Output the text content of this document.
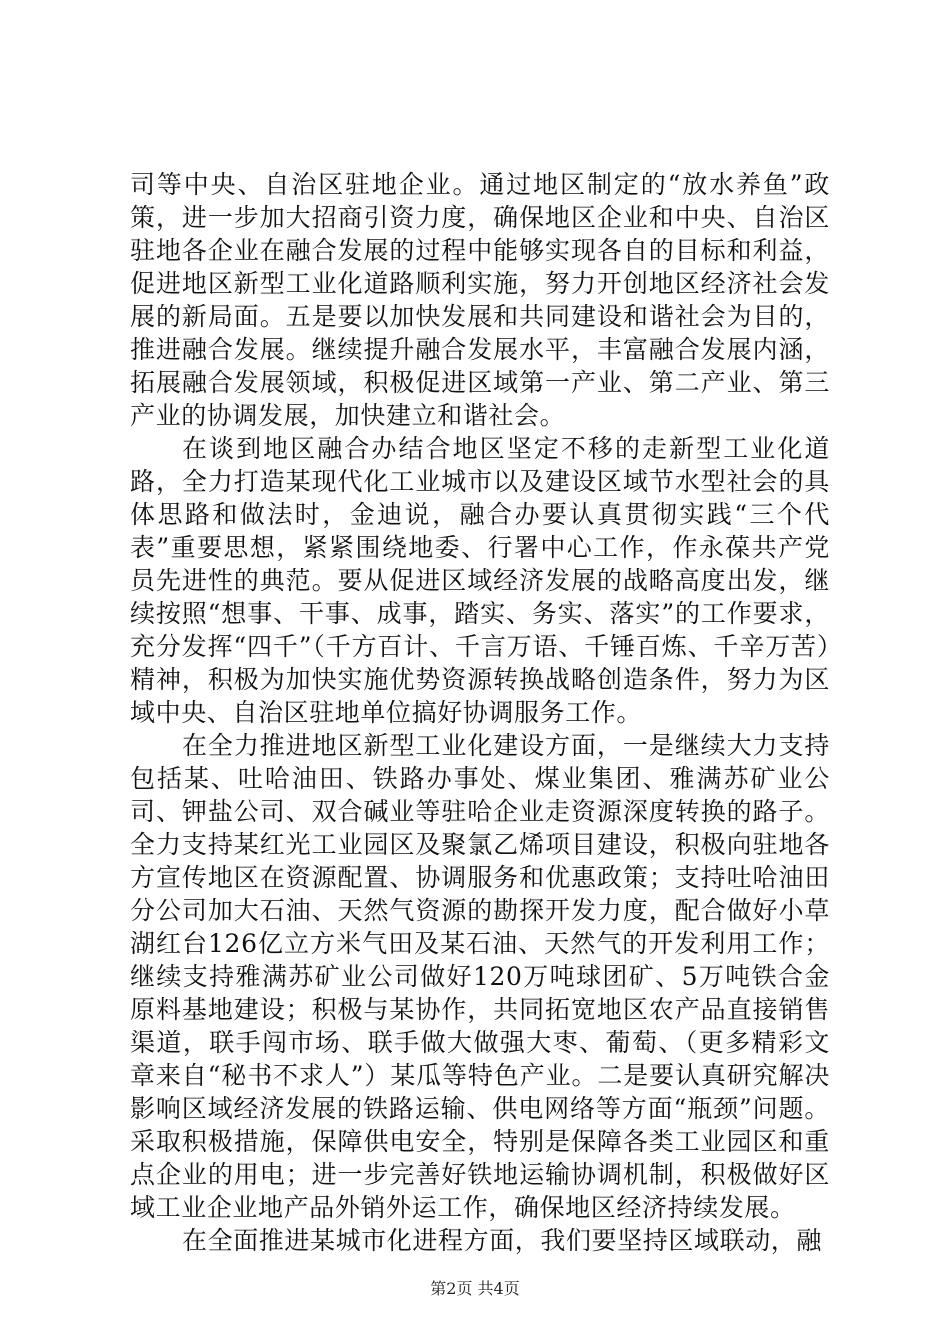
司等中央、自治区驻地企业。通过地区制定的“放水养鱼”政策，进一步加大招商引资力度，确保地区企业和中央、自治区驻地各企业在融合发展的过程中能够实现各自的目标和利益，促进地区新型工业化道路顺利实施，努力开创地区经济社会发展的新局面。五是要以加快发展和共同建设和谐社会为目的，推进融合发展。继续提升融合发展水平，丰富融合发展内涵，拓展融合发展领域，积极促进区域第一产业、第二产业、第三产业的协调发展，加快建立和谐社会。

在谈到地区融合办结合地区坚定不移的走新型工业化道路，全力打造某现代化工业城市以及建设区域节水型社会的具体思路和做法时，金迪说，融合办要认真贯彻实践“三个代表”重要思想，紧紧围绕地委、行署中心工作，作永葆共产党员先进性的典范。要从促进区域经济发展的战略高度出发，继续按照“想事、干事、成事，踏实、务实、落实”的工作要求，充分发挥“四千”（千方百计、千言万语、千锤百炼、千辛万苦）精神，积极为加快实施优势资源转换战略创造条件，努力为区域中央、自治区驻地单位搞好协调服务工作。

在全力推进地区新型工业化建设方面，一是继续大力支持包括某、吐哈油田、铁路办事处、煤业集团、雅满苏矿业公司、钾盐公司、双合碱业等驻哈企业走资源深度转换的路子。全力支持某红光工业园区及聚氯乙烯项目建设，积极向驻地各方宣传地区在资源配置、协调服务和优惠政策；支持吐哈油田分公司加大石油、天然气资源的勘探开发力度，配合做好小草湖红台126亿立方米气田及某石油、天然气的开发利用工作；继续支持雅满苏矿业公司做好120万吨球团矿、5万吨铁合金原料基地建设；积极与某协作，共同拓宽地区农产品直接销售渠道，联手闯市场、联手做大做强大枣、葡萄、（更多精彩文章来自“秘书不求人”）某瓜等特色产业。二是要认真研究解决影响区域经济发展的铁路运输、供电网络等方面“瓶颈”问题。采取积极措施，保障供电安全，特别是保障各类工业园区和重点企业的用电；进一步完善好铁地运输协调机制，积极做好区域工业企业地产品外销外运工作，确保地区经济持续发展。

在全面推进某城市化进程方面，我们要坚持区域联动，融

第2页 共4页
